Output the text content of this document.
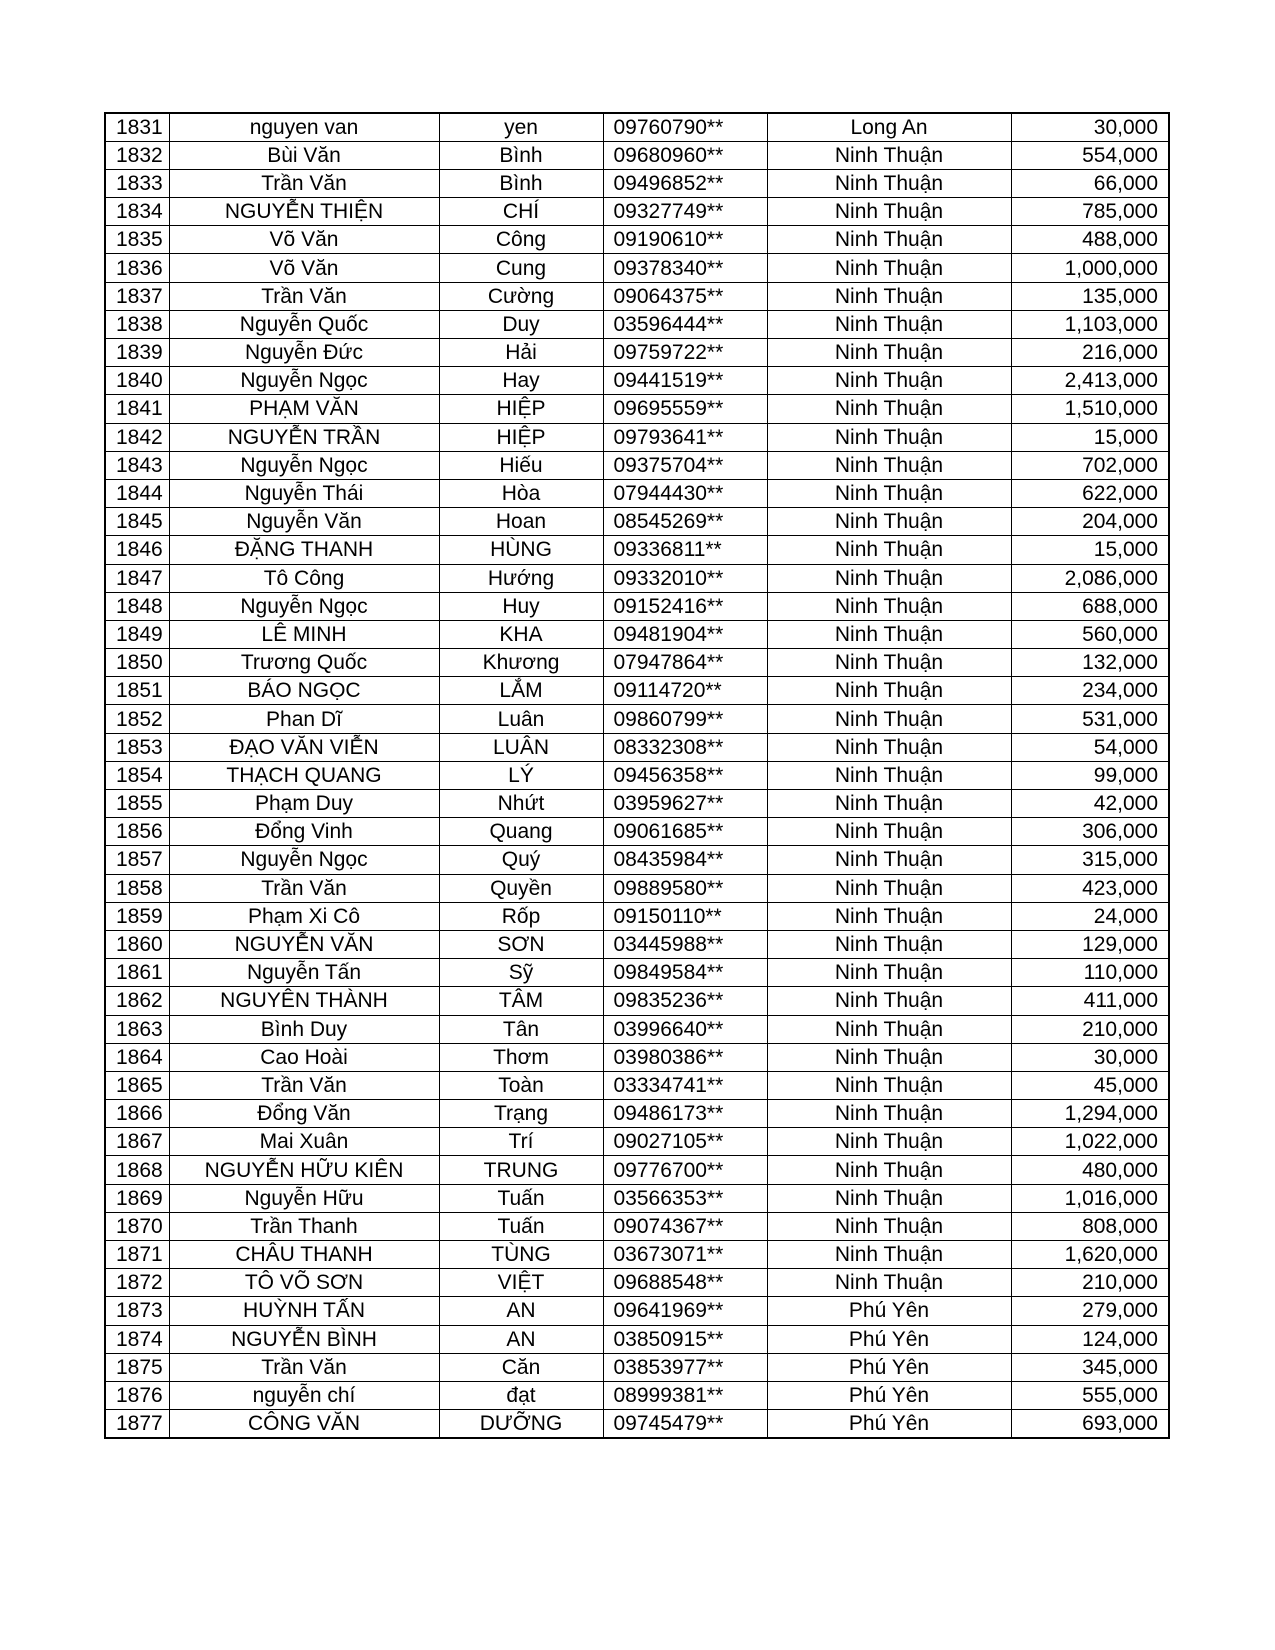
1831	nguyen van	yen	09760790**	Long An	30,000
1832	Bùi Văn	Bình	09680960**	Ninh Thuận	554,000
1833	Trần Văn	Bình	09496852**	Ninh Thuận	66,000
1834	NGUYỄN THIỆN	CHÍ	09327749**	Ninh Thuận	785,000
1835	Võ Văn	Công	09190610**	Ninh Thuận	488,000
1836	Võ Văn	Cung	09378340**	Ninh Thuận	1,000,000
1837	Trần Văn	Cường	09064375**	Ninh Thuận	135,000
1838	Nguyễn Quốc	Duy	03596444**	Ninh Thuận	1,103,000
1839	Nguyễn Đức	Hải	09759722**	Ninh Thuận	216,000
1840	Nguyễn Ngọc	Hay	09441519**	Ninh Thuận	2,413,000
1841	PHẠM VĂN	HIỆP	09695559**	Ninh Thuận	1,510,000
1842	NGUYỄN TRẦN	HIỆP	09793641**	Ninh Thuận	15,000
1843	Nguyễn Ngọc	Hiếu	09375704**	Ninh Thuận	702,000
1844	Nguyễn Thái	Hòa	07944430**	Ninh Thuận	622,000
1845	Nguyễn Văn	Hoan	08545269**	Ninh Thuận	204,000
1846	ĐẶNG THANH	HÙNG	09336811**	Ninh Thuận	15,000
1847	Tô Công	Hướng	09332010**	Ninh Thuận	2,086,000
1848	Nguyễn Ngọc	Huy	09152416**	Ninh Thuận	688,000
1849	LÊ MINH	KHA	09481904**	Ninh Thuận	560,000
1850	Trương Quốc	Khương	07947864**	Ninh Thuận	132,000
1851	BÁO NGỌC	LẮM	09114720**	Ninh Thuận	234,000
1852	Phan Dĩ	Luân	09860799**	Ninh Thuận	531,000
1853	ĐẠO VĂN VIỄN	LUÂN	08332308**	Ninh Thuận	54,000
1854	THẠCH QUANG	LÝ	09456358**	Ninh Thuận	99,000
1855	Phạm Duy	Nhứt	03959627**	Ninh Thuận	42,000
1856	Đổng Vinh	Quang	09061685**	Ninh Thuận	306,000
1857	Nguyễn Ngọc	Quý	08435984**	Ninh Thuận	315,000
1858	Trần Văn	Quyền	09889580**	Ninh Thuận	423,000
1859	Phạm Xi Cô	Rốp	09150110**	Ninh Thuận	24,000
1860	NGUYỄN VĂN	SƠN	03445988**	Ninh Thuận	129,000
1861	Nguyễn Tấn	Sỹ	09849584**	Ninh Thuận	110,000
1862	NGUYÊN THÀNH	TÂM	09835236**	Ninh Thuận	411,000
1863	Bình Duy	Tân	03996640**	Ninh Thuận	210,000
1864	Cao Hoài	Thơm	03980386**	Ninh Thuận	30,000
1865	Trần Văn	Toàn	03334741**	Ninh Thuận	45,000
1866	Đổng Văn	Trạng	09486173**	Ninh Thuận	1,294,000
1867	Mai Xuân	Trí	09027105**	Ninh Thuận	1,022,000
1868	NGUYỄN HỮU KIÊN	TRUNG	09776700**	Ninh Thuận	480,000
1869	Nguyễn Hữu	Tuấn	03566353**	Ninh Thuận	1,016,000
1870	Trần Thanh	Tuấn	09074367**	Ninh Thuận	808,000
1871	CHÂU THANH	TÙNG	03673071**	Ninh Thuận	1,620,000
1872	TÔ VÕ SƠN	VIỆT	09688548**	Ninh Thuận	210,000
1873	HUỲNH TẤN	AN	09641969**	Phú Yên	279,000
1874	NGUYỄN BÌNH	AN	03850915**	Phú Yên	124,000
1875	Trần Văn	Căn	03853977**	Phú Yên	345,000
1876	nguyễn chí	đạt	08999381**	Phú Yên	555,000
1877	CÔNG VĂN	DƯỠNG	09745479**	Phú Yên	693,000
